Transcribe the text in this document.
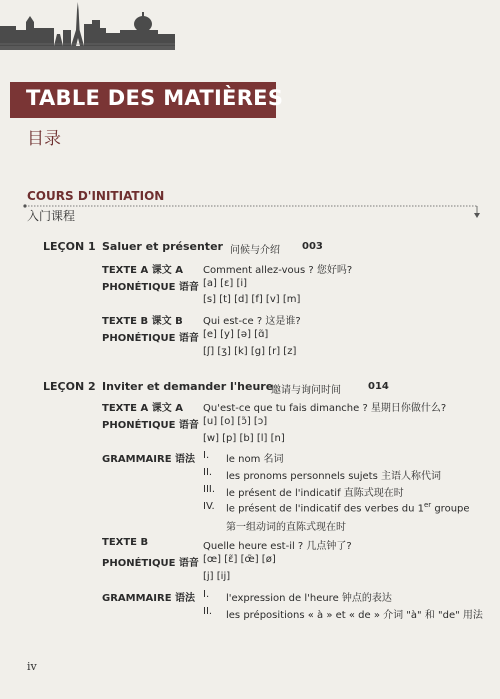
TABLE DES MATIÈRES
目录
COURS D'INITIATION
入门课程
LEÇON 1 Saluer et présenter 问候与介绍 003
TEXTE A 课文 A Comment allez-vous ? 您好吗?
PHONÉTIQUE 语音 [a] [ɛ] [i]
[s] [t] [d] [f] [v] [m]
TEXTE B 课文 B Qui est-ce ? 这是谁?
PHONÉTIQUE 语音 [e] [y] [ə] [ɑ̃]
[ʃ] [ʒ] [k] [g] [r] [z]
LEÇON 2 Inviter et demander l'heure
邀请与询问时间	014
TEXTE A 课文 A Qu'est-ce que tu fais dimanche ? 星期日你做什么?
PHONÉTIQUE 语音 [u] [o] [ɔ̃] [ɔ]
[w] [p] [b] [l] [n]
GRAMMAIRE 语法 I. le nom 名词
II. les pronoms personnels sujets 主语人称代词
III. le présent de l'indicatif 直陈式现在时
IV. le présent de l'indicatif des verbes du 1er groupe
第一组动词的直陈式现在时
TEXTE B	Quelle heure est-il ? 几点钟了?
PHONÉTIQUE 语音 [œ] [ɛ̃] [œ̃] [ø]
[j] [ij]
GRAMMAIRE 语法 I. l'expression de l'heure 钟点的表达
II. les prépositions « à » et « de » 介词 "à" 和 "de" 用法
iv
